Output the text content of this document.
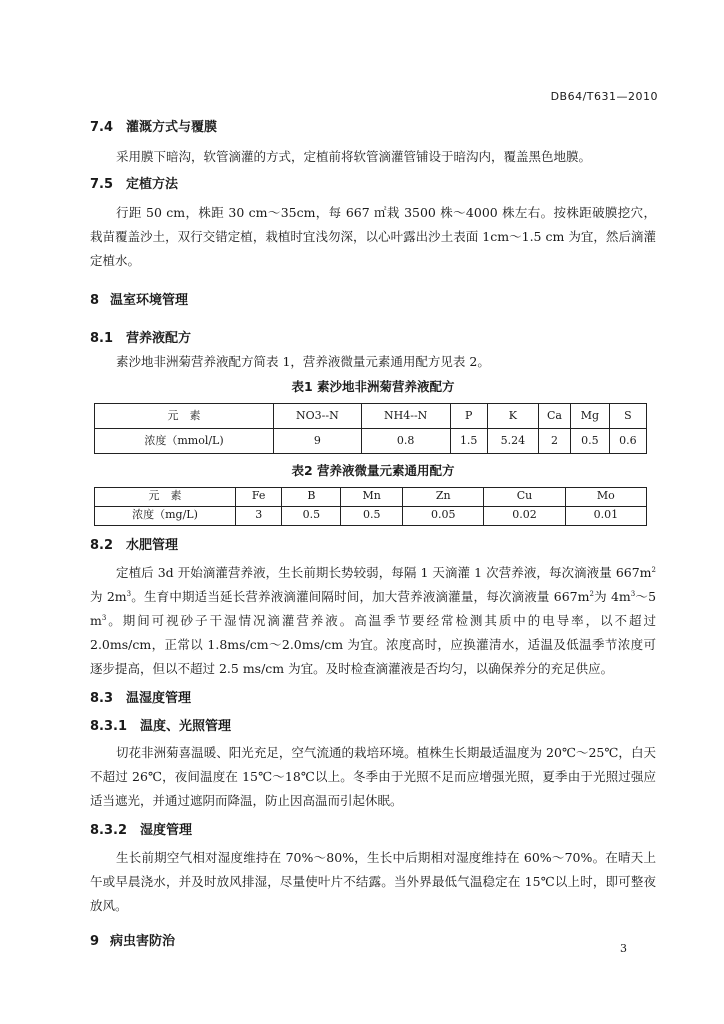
DB64/T631—2010
7.4 灌溉方式与覆膜

采用膜下暗沟，软管滴灌的方式，定植前将软管滴灌管铺设于暗沟内，覆盖黑色地膜。

7.5 定植方法

行距 50 cm，株距 30 cm～35cm，每 667 ㎡栽 3500 株～4000 株左右。按株距破膜挖穴，栽苗覆盖沙土，双行交错定植，栽植时宜浅勿深，以心叶露出沙土表面 1cm～1.5 cm 为宜，然后滴灌定植水。

8 温室环境管理
8.1 营养液配方

素沙地非洲菊营养液配方简表 1，营养液微量元素通用配方见表 2。

表1 素沙地非洲菊营养液配方

元　素	NO3--N	NH4--N	P	K	Ca	Mg	S
浓度（mmol/L)	9	0.8	1.5	5.24	2	0.5	0.6

表2 营养液微量元素通用配方

元　素	Fe	B	Mn	Zn	Cu	Mo
浓度（mg/L)	3	0.5	0.5	0.05	0.02	0.01
8.2 水肥管理

定植后 3d 开始滴灌营养液，生长前期长势较弱，每隔 1 天滴灌 1 次营养液，每次滴液量 $667m^2$为 $2m^3$。生育中期适当延长营养液滴灌间隔时间，加大营养液滴灌量，每次滴液量 $667m^2$为 $4m^3\sim 5$ $m^3$。期间可视砂子干湿情况滴灌营养液。高温季节要经常检测其质中的电导率，以不超过 2.0ms/cm，正常以 1.8ms/cm～2.0ms/cm 为宜。浓度高时，应换灌清水，适温及低温季节浓度可逐步提高，但以不超过 2.5 ms/cm 为宜。及时检查滴灌液是否均匀，以确保养分的充足供应。

8.3 温湿度管理
8.3.1 温度、光照管理

切花非洲菊喜温暖、阳光充足，空气流通的栽培环境。植株生长期最适温度为 20℃～25℃，白天不超过 26℃，夜间温度在 15℃～18℃以上。冬季由于光照不足而应增强光照，夏季由于光照过强应适当遮光，并通过遮阴而降温，防止因高温而引起休眠。

8.3.2 湿度管理

生长前期空气相对湿度维持在 70%～80%，生长中后期相对湿度维持在 60%～70%。在晴天上午或早晨浇水，并及时放风排湿，尽量使叶片不结露。当外界最低气温稳定在 15℃以上时，即可整夜放风。

9 病虫害防治	3
